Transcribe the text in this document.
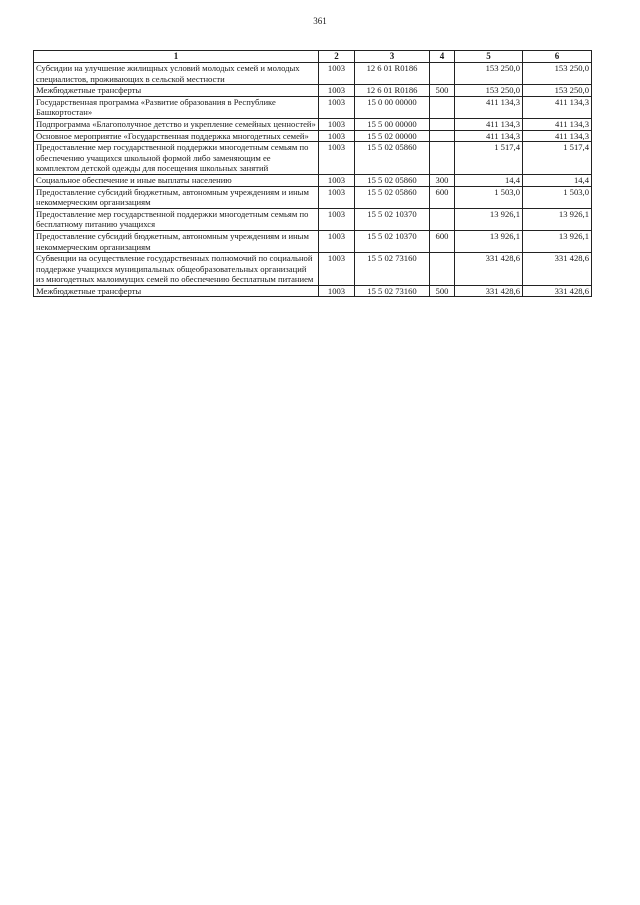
361
1	2	3	4	5	6
Субсидии на улучшение жилищных условий молодых семей и молодых специалистов, проживающих в сельской местности	1003	12 6 01 R0186		153 250,0	153 250,0
Межбюджетные трансферты	1003	12 6 01 R0186	500	153 250,0	153 250,0
Государственная программа «Развитие образования в Республике Башкортостан»	1003	15 0 00 00000		411 134,3	411 134,3
Подпрограмма «Благополучное детство и укрепление семейных ценностей»	1003	15 5 00 00000		411 134,3	411 134,3
Основное мероприятие «Государственная поддержка многодетных семей»	1003	15 5 02 00000		411 134,3	411 134,3
Предоставление мер государственной поддержки многодетным семьям по обеспечению учащихся школьной формой либо заменяющим ее комплектом детской одежды для посещения школьных занятий	1003	15 5 02 05860		1 517,4	1 517,4
Социальное обеспечение и иные выплаты населению	1003	15 5 02 05860	300	14,4	14,4
Предоставление субсидий бюджетным, автономным учреждениям и иным некоммерческим организациям	1003	15 5 02 05860	600	1 503,0	1 503,0
Предоставление мер государственной поддержки многодетным семьям по бесплатному питанию учащихся	1003	15 5 02 10370		13 926,1	13 926,1
Предоставление субсидий бюджетным, автономным учреждениям и иным некоммерческим организациям	1003	15 5 02 10370	600	13 926,1	13 926,1
Субвенции на осуществление государственных полномочий по социальной поддержке учащихся муниципальных общеобразовательных организаций из многодетных малоимущих семей по обеспечению бесплатным питанием	1003	15 5 02 73160		331 428,6	331 428,6
Межбюджетные трансферты	1003	15 5 02 73160	500	331 428,6	331 428,6
